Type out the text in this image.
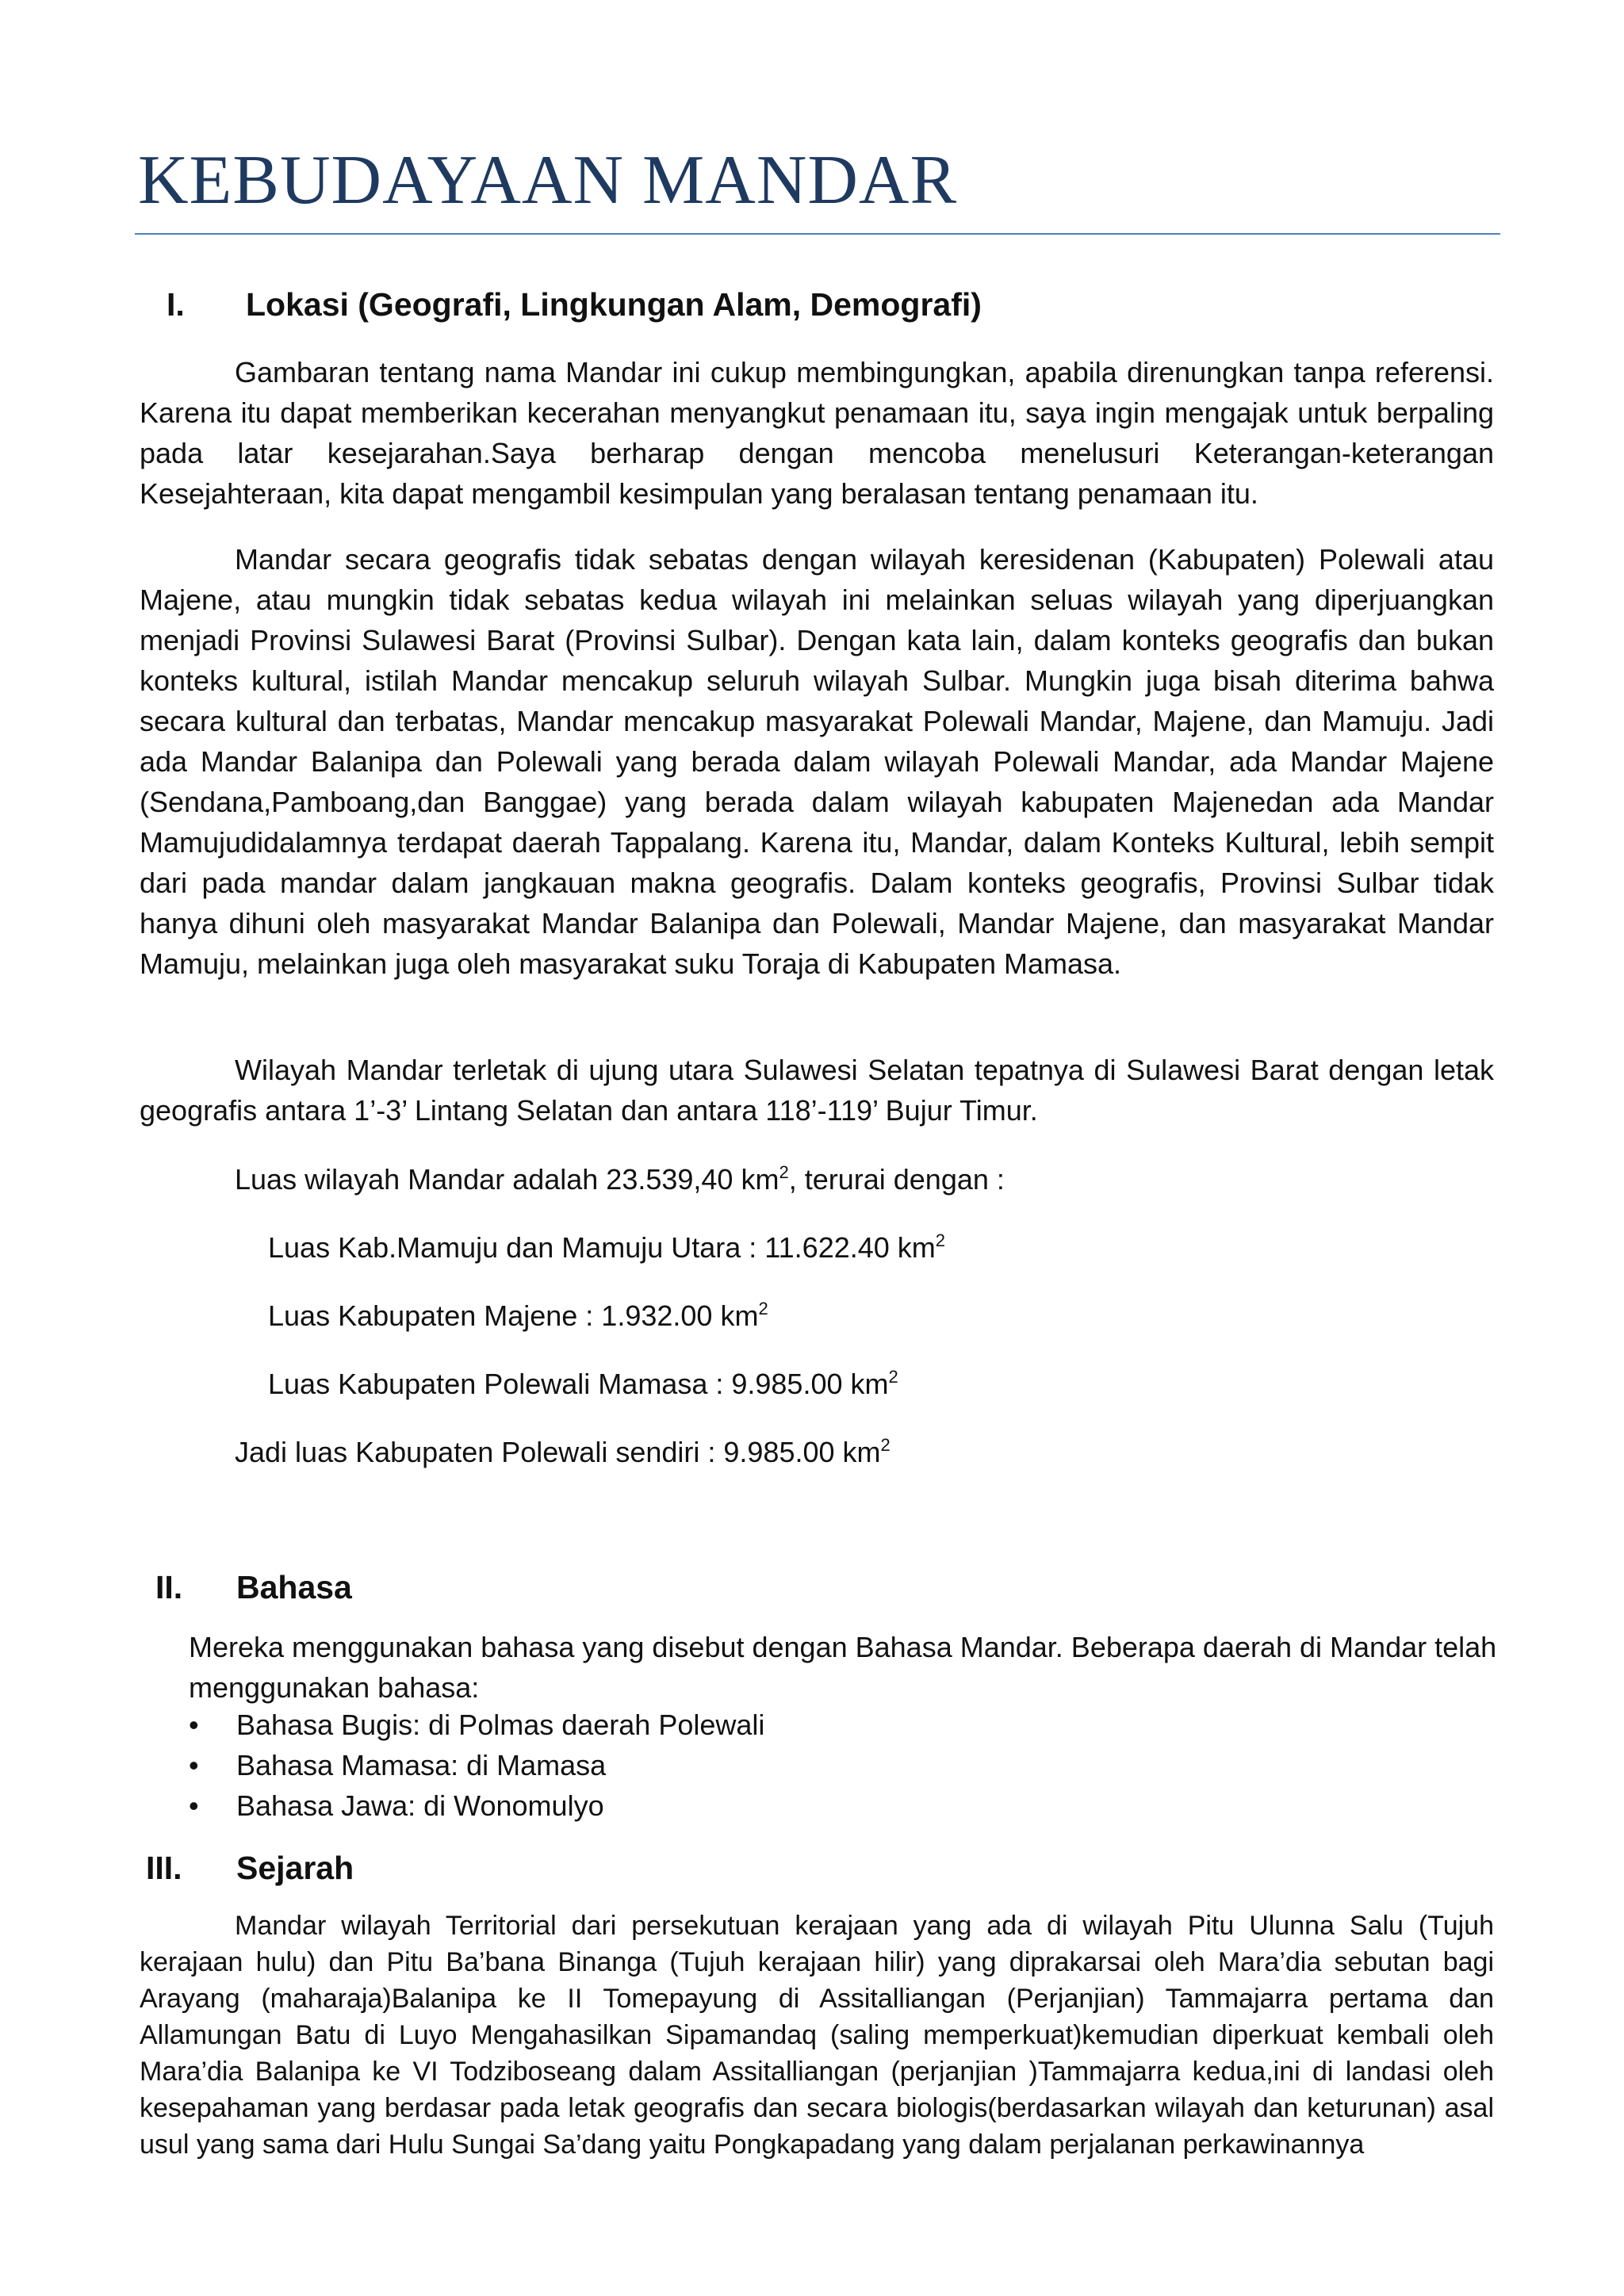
KEBUDAYAAN MANDAR
I. Lokasi (Geografi, Lingkungan Alam, Demografi)

Gambaran tentang nama Mandar ini cukup membingungkan, apabila direnungkan tanpa referensi. Karena itu dapat memberikan kecerahan menyangkut penamaan itu, saya ingin mengajak untuk berpaling pada latar kesejarahan.Saya berharap dengan mencoba menelusuri Keterangan-keterangan Kesejahteraan, kita dapat mengambil kesimpulan yang beralasan tentang penamaan itu.

Mandar secara geografis tidak sebatas dengan wilayah keresidenan (Kabupaten) Polewali atau Majene, atau mungkin tidak sebatas kedua wilayah ini melainkan seluas wilayah yang diperjuangkan menjadi Provinsi Sulawesi Barat (Provinsi Sulbar). Dengan kata lain, dalam konteks geografis dan bukan konteks kultural, istilah Mandar mencakup seluruh wilayah Sulbar. Mungkin juga bisah diterima bahwa secara kultural dan terbatas, Mandar mencakup masyarakat Polewali Mandar, Majene, dan Mamuju. Jadi ada Mandar Balanipa dan Polewali yang berada dalam wilayah Polewali Mandar, ada Mandar Majene (Sendana,Pamboang,dan Banggae) yang berada dalam wilayah kabupaten Majenedan ada Mandar Mamujudidalamnya terdapat daerah Tappalang. Karena itu, Mandar, dalam Konteks Kultural, lebih sempit dari pada mandar dalam jangkauan makna geografis. Dalam konteks geografis, Provinsi Sulbar tidak hanya dihuni oleh masyarakat Mandar Balanipa dan Polewali, Mandar Majene, dan masyarakat Mandar Mamuju, melainkan juga oleh masyarakat suku Toraja di Kabupaten Mamasa.

Wilayah Mandar terletak di ujung utara Sulawesi Selatan tepatnya di Sulawesi Barat dengan letak geografis antara 1’-3’ Lintang Selatan dan antara 118’-119’ Bujur Timur.

Luas wilayah Mandar adalah 23.539,40 $km^2$, terurai dengan :

Luas Kab.Mamuju dan Mamuju Utara : 11.622.40 $km^2$

Luas Kabupaten Majene : 1.932.00 $km^2$

Luas Kabupaten Polewali Mamasa : 9.985.00 $km^2$

Jadi luas Kabupaten Polewali sendiri : 9.985.00 $km^2$

II. Bahasa

Mereka menggunakan bahasa yang disebut dengan Bahasa Mandar. Beberapa daerah di Mandar telah menggunakan bahasa:

• Bahasa Bugis: di Polmas daerah Polewali
• Bahasa Mamasa: di Mamasa
• Bahasa Jawa: di Wonomulyo
III. Sejarah

Mandar wilayah Territorial dari persekutuan kerajaan yang ada di wilayah Pitu Ulunna Salu (Tujuh kerajaan hulu) dan Pitu Ba’bana Binanga (Tujuh kerajaan hilir) yang diprakarsai oleh Mara’dia sebutan bagi Arayang (maharaja)Balanipa ke II Tomepayung di Assitalliangan (Perjanjian) Tammajarra pertama dan Allamungan Batu di Luyo Mengahasilkan Sipamandaq (saling memperkuat)kemudian diperkuat kembali oleh Mara’dia Balanipa ke VI Todziboseang dalam Assitalliangan (perjanjian )Tammajarra kedua,ini di landasi oleh kesepahaman yang berdasar pada letak geografis dan secara biologis(berdasarkan wilayah dan keturunan) asal usul yang sama dari Hulu Sungai Sa’dang yaitu Pongkapadang yang dalam perjalanan perkawinannya
